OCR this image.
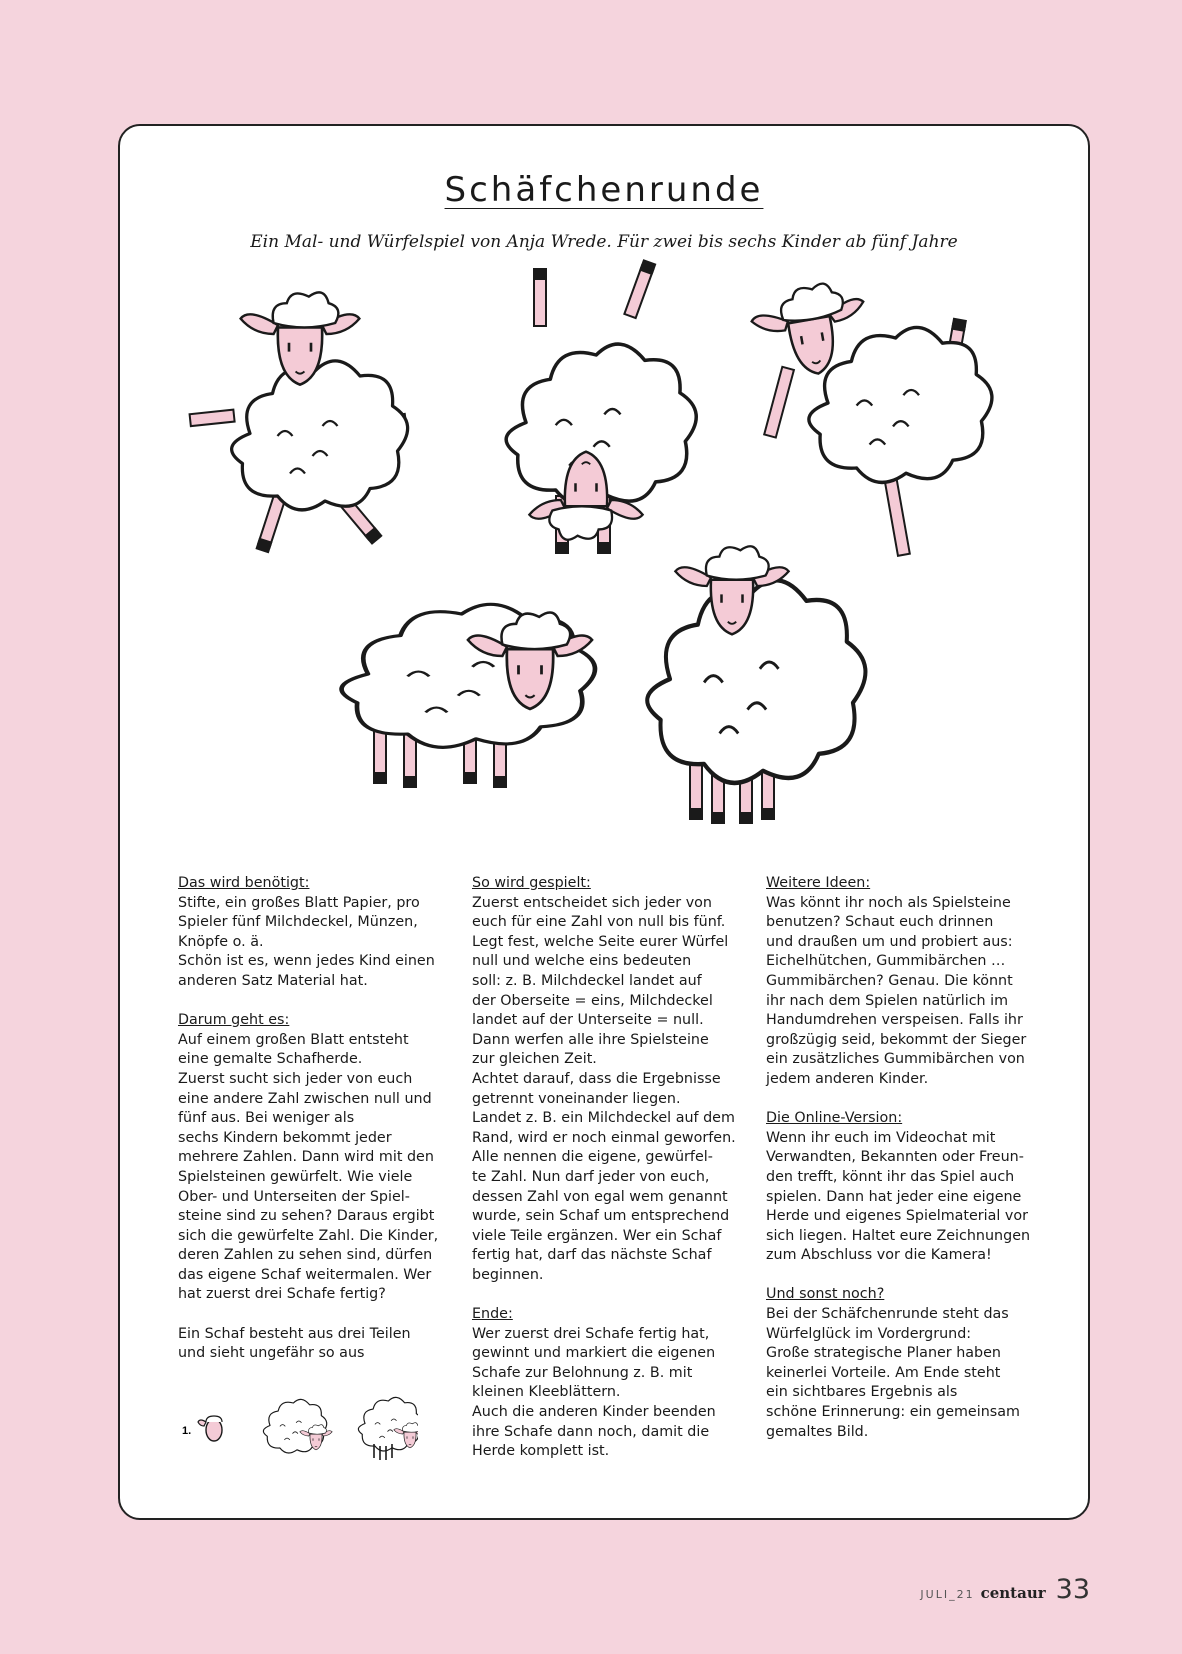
Schäfchenrunde
Ein Mal- und Würfelspiel von Anja Wrede. Für zwei bis sechs Kinder ab fünf Jahre

Das wird benötigt:
Stifte, ein großes Blatt Papier, pro
Spieler fünf Milchdeckel, Münzen,
Knöpfe o. ä.
Schön ist es, wenn jedes Kind einen
anderen Satz Material hat.

Darum geht es:
Auf einem großen Blatt entsteht
eine gemalte Schafherde.
Zuerst sucht sich jeder von euch
eine andere Zahl zwischen null und
fünf aus. Bei weniger als
sechs Kindern bekommt jeder
mehrere Zahlen. Dann wird mit den
Spielsteinen gewürfelt. Wie viele
Ober- und Unterseiten der Spiel-
steine sind zu sehen? Daraus ergibt
sich die gewürfelte Zahl. Die Kinder,
deren Zahlen zu sehen sind, dürfen
das eigene Schaf weitermalen. Wer
hat zuerst drei Schafe fertig?

Ein Schaf besteht aus drei Teilen
und sieht ungefähr so aus

So wird gespielt:
Zuerst entscheidet sich jeder von
euch für eine Zahl von null bis fünf.
Legt fest, welche Seite eurer Würfel
null und welche eins bedeuten
soll: z. B. Milchdeckel landet auf
der Oberseite = eins, Milchdeckel
landet auf der Unterseite = null.
Dann werfen alle ihre Spielsteine
zur gleichen Zeit.
Achtet darauf, dass die Ergebnisse
getrennt voneinander liegen.
Landet z. B. ein Milchdeckel auf dem
Rand, wird er noch einmal geworfen.
Alle nennen die eigene, gewürfel-
te Zahl. Nun darf jeder von euch,
dessen Zahl von egal wem genannt
wurde, sein Schaf um entsprechend
viele Teile ergänzen. Wer ein Schaf
fertig hat, darf das nächste Schaf
beginnen.

Ende:
Wer zuerst drei Schafe fertig hat,
gewinnt und markiert die eigenen
Schafe zur Belohnung z. B. mit
kleinen Kleeblättern.
Auch die anderen Kinder beenden
ihre Schafe dann noch, damit die
Herde komplett ist.

Weitere Ideen:
Was könnt ihr noch als Spielsteine
benutzen? Schaut euch drinnen
und draußen um und probiert aus:
Eichelhütchen, Gummibärchen …
Gummibärchen? Genau. Die könnt
ihr nach dem Spielen natürlich im
Handumdrehen verspeisen. Falls ihr
großzügig seid, bekommt der Sieger
ein zusätzliches Gummibärchen von
jedem anderen Kinder.

Die Online-Version:
Wenn ihr euch im Videochat mit
Verwandten, Bekannten oder Freun-
den trefft, könnt ihr das Spiel auch
spielen. Dann hat jeder eine eigene
Herde und eigenes Spielmaterial vor
sich liegen. Haltet eure Zeichnungen
zum Abschluss vor die Kamera!

Und sonst noch?
Bei der Schäfchenrunde steht das
Würfelglück im Vordergrund:
Große strategische Planer haben
keinerlei Vorteile. Am Ende steht
ein sichtbares Ergebnis als
schöne Erinnerung: ein gemeinsam
gemaltes Bild.

1.
JULI_21 centaur 33
